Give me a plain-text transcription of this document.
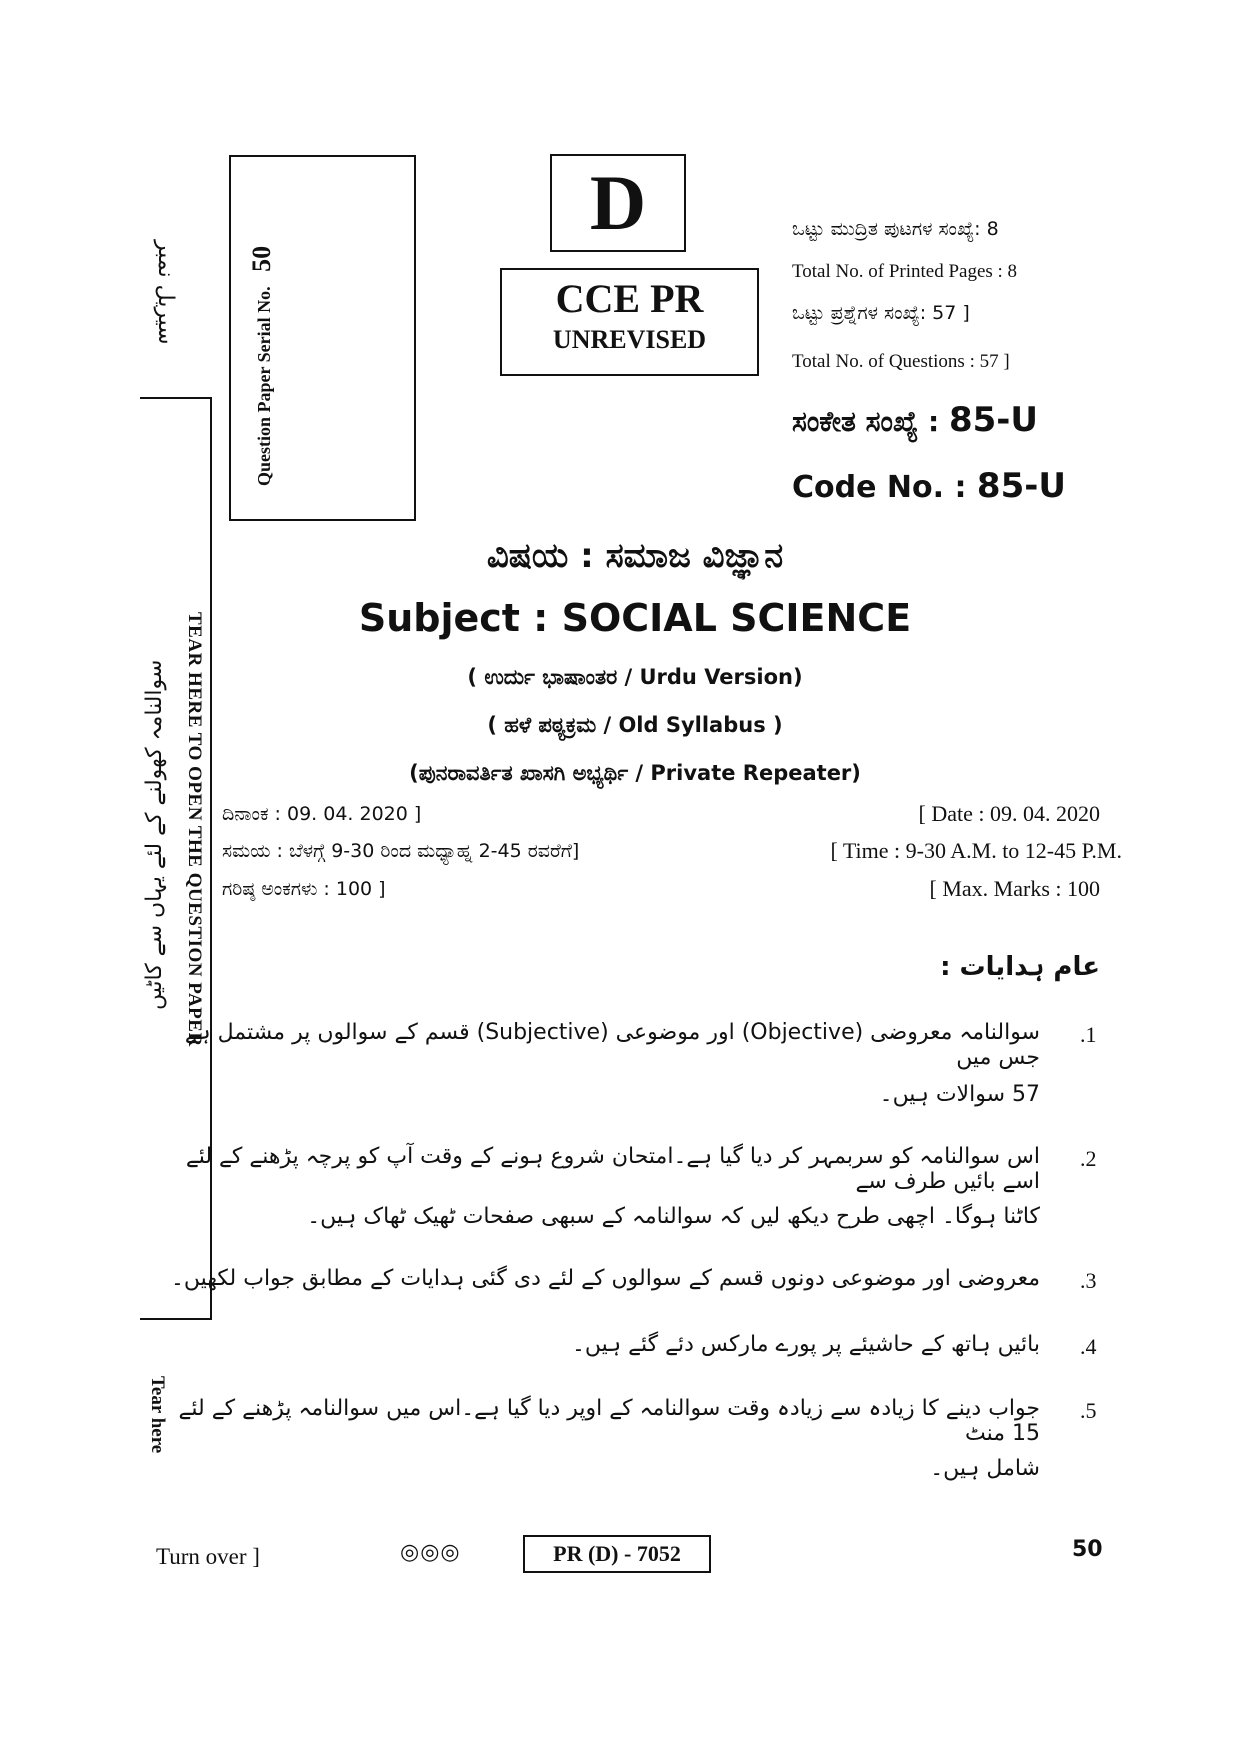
سیریل نمبر
TEAR HERE TO OPEN THE QUESTION PAPER
سوالنامہ کھولنے کے لئے یہاں سے کاٹیں
Tear here
Question Paper Serial No. 50
D
CCE PR
UNREVISED
ಒಟ್ಟು ಮುದ್ರಿತ ಪುಟಗಳ ಸಂಖ್ಯೆ: 8
Total No. of Printed Pages : 8
ಒಟ್ಟು ಪ್ರಶ್ನೆಗಳ ಸಂಖ್ಯೆ: 57 ]
Total No. of Questions : 57 ]
ಸಂಕೇತ ಸಂಖ್ಯೆ : 85-U
Code No. : 85-U
ವಿಷಯ : ಸಮಾಜ ವಿಜ್ಞಾನ
Subject : SOCIAL SCIENCE
( ಉರ್ದು ಭಾಷಾಂತರ / Urdu Version)
( ಹಳೆ ಪಠ್ಯಕ್ರಮ / Old Syllabus )
(ಪುನರಾವರ್ತಿತ ಖಾಸಗಿ ಅಭ್ಯರ್ಥಿ / Private Repeater)
ದಿನಾಂಕ : 09. 04. 2020 ]	[ Date : 09. 04. 2020
ಸಮಯ : ಬೆಳಗ್ಗೆ 9-30 ರಿಂದ ಮಧ್ಯಾಹ್ನ 2-45 ರವರೆಗೆ]	[ Time : 9-30 A.M. to 12-45 P.M.
ಗರಿಷ್ಠ ಅಂಕಗಳು : 100 ]	[ Max. Marks : 100
عام ہدایات :
.1
سوالنامہ معروضی (Objective) اور موضوعی (Subjective) قسم کے سوالوں پر مشتمل ہے جس میں
57 سوالات ہیں۔
.2
اس سوالنامہ کو سربمہر کر دیا گیا ہے۔امتحان شروع ہونے کے وقت آپ کو پرچہ پڑھنے کے لئے اسے بائیں طرف سے
کاٹنا ہوگا۔ اچھی طرح دیکھ لیں کہ سوالنامہ کے سبھی صفحات ٹھیک ٹھاک ہیں۔
.3
معروضی اور موضوعی دونوں قسم کے سوالوں کے لئے دی گئی ہدایات کے مطابق جواب لکھیں۔
.4
بائیں ہاتھ کے حاشیئے پر پورے مارکس دئے گئے ہیں۔
.5
جواب دینے کا زیادہ سے زیادہ وقت سوالنامہ کے اوپر دیا گیا ہے۔اس میں سوالنامہ پڑھنے کے لئے 15 منٹ
شامل ہیں۔
Turn over ]	◎◎◎	PR (D) - 7052	50
